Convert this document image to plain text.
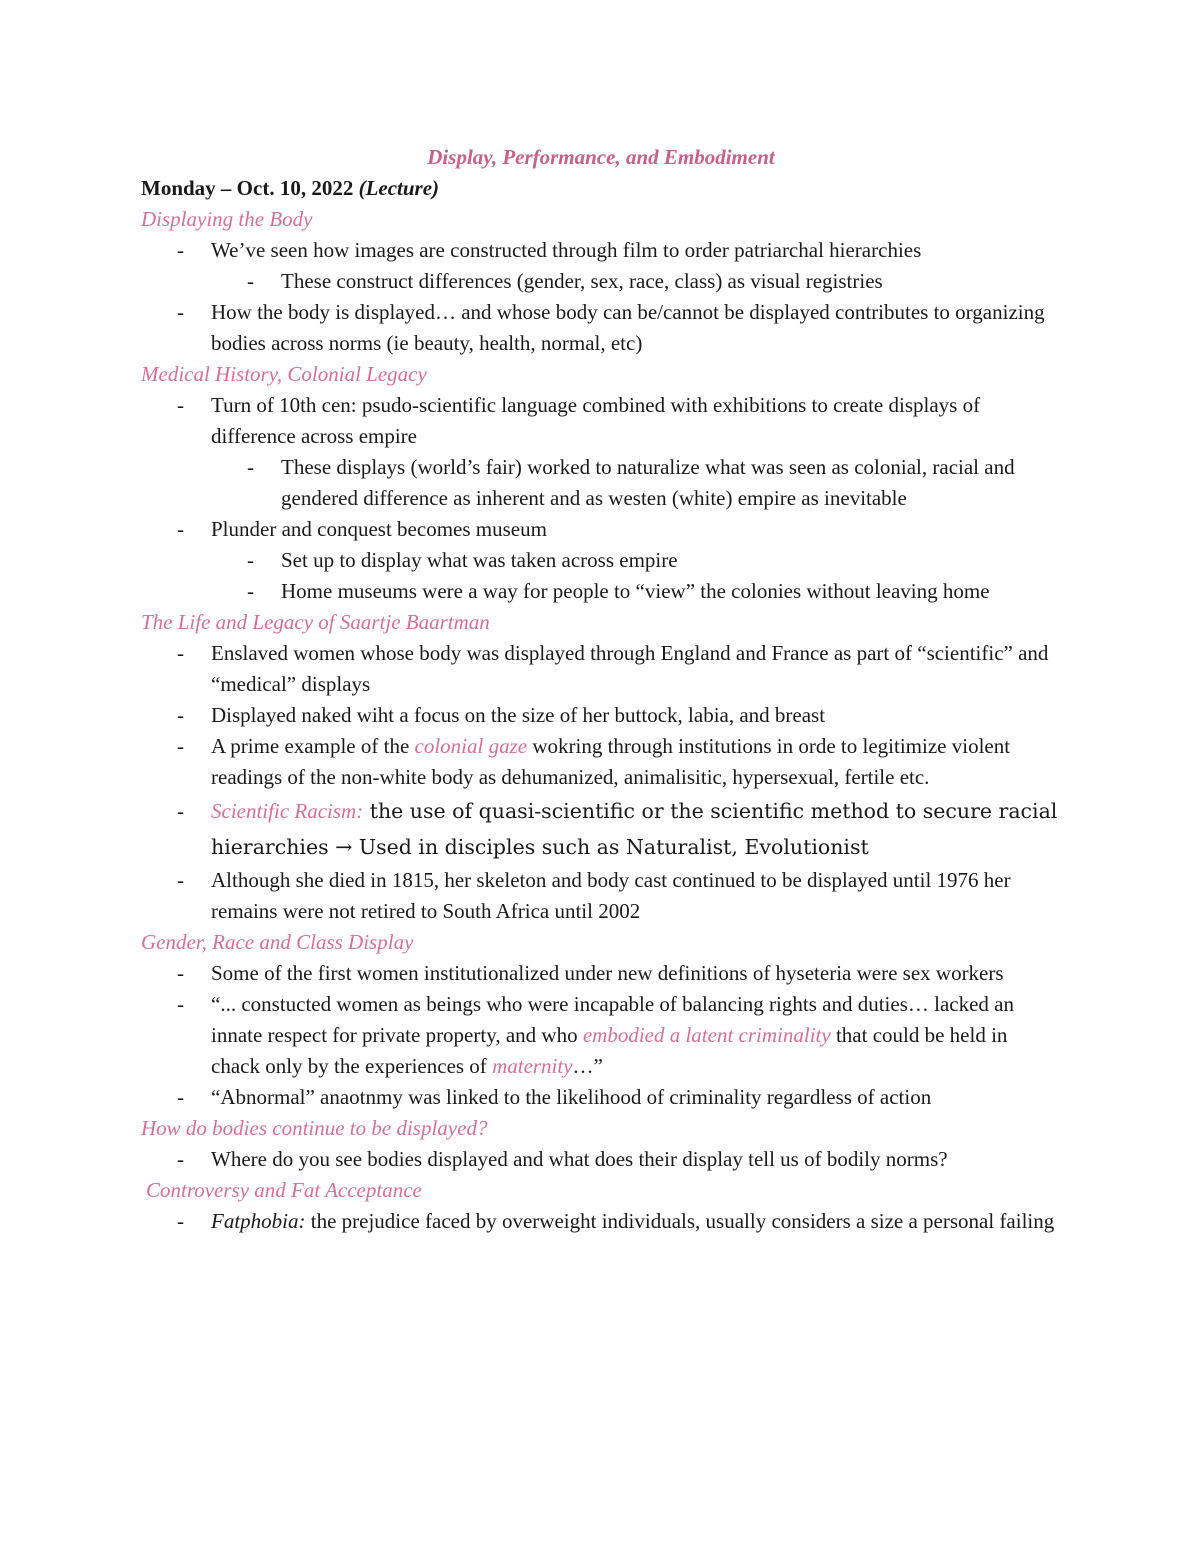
Display, Performance, and Embodiment
Monday – Oct. 10, 2022 (Lecture)
Displaying the Body
- We’ve seen how images are constructed through film to order patriarchal hierarchies
- These construct differences (gender, sex, race, class) as visual registries
- How the body is displayed… and whose body can be/cannot be displayed contributes to organizing bodies across norms (ie beauty, health, normal, etc)
Medical History, Colonial Legacy
- Turn of 10th cen: psudo-scientific language combined with exhibitions to create displays of difference across empire
- These displays (world’s fair) worked to naturalize what was seen as colonial, racial and gendered difference as inherent and as westen (white) empire as inevitable
- Plunder and conquest becomes museum
- Set up to display what was taken across empire
- Home museums were a way for people to “view” the colonies without leaving home
The Life and Legacy of Saartje Baartman
- Enslaved women whose body was displayed through England and France as part of “scientific” and “medical” displays
- Displayed naked wiht a focus on the size of her buttock, labia, and breast
- A prime example of the colonial gaze wokring through institutions in orde to legitimize violent readings of the non-white body as dehumanized, animalisitic, hypersexual, fertile etc.
- Scientific Racism: the use of quasi-scientific or the scientific method to secure racial hierarchies → Used in disciples such as Naturalist, Evolutionist
- Although she died in 1815, her skeleton and body cast continued to be displayed until 1976 her remains were not retired to South Africa until 2002
Gender, Race and Class Display
- Some of the first women institutionalized under new definitions of hyseteria were sex workers
- “... constucted women as beings who were incapable of balancing rights and duties… lacked an innate respect for private property, and who embodied a latent criminality that could be held in chack only by the experiences of maternity…”
- “Abnormal” anaotnmy was linked to the likelihood of criminality regardless of action
How do bodies continue to be displayed?
- Where do you see bodies displayed and what does their display tell us of bodily norms?
Controversy and Fat Acceptance
- Fatphobia: the prejudice faced by overweight individuals, usually considers a size a personal failing
